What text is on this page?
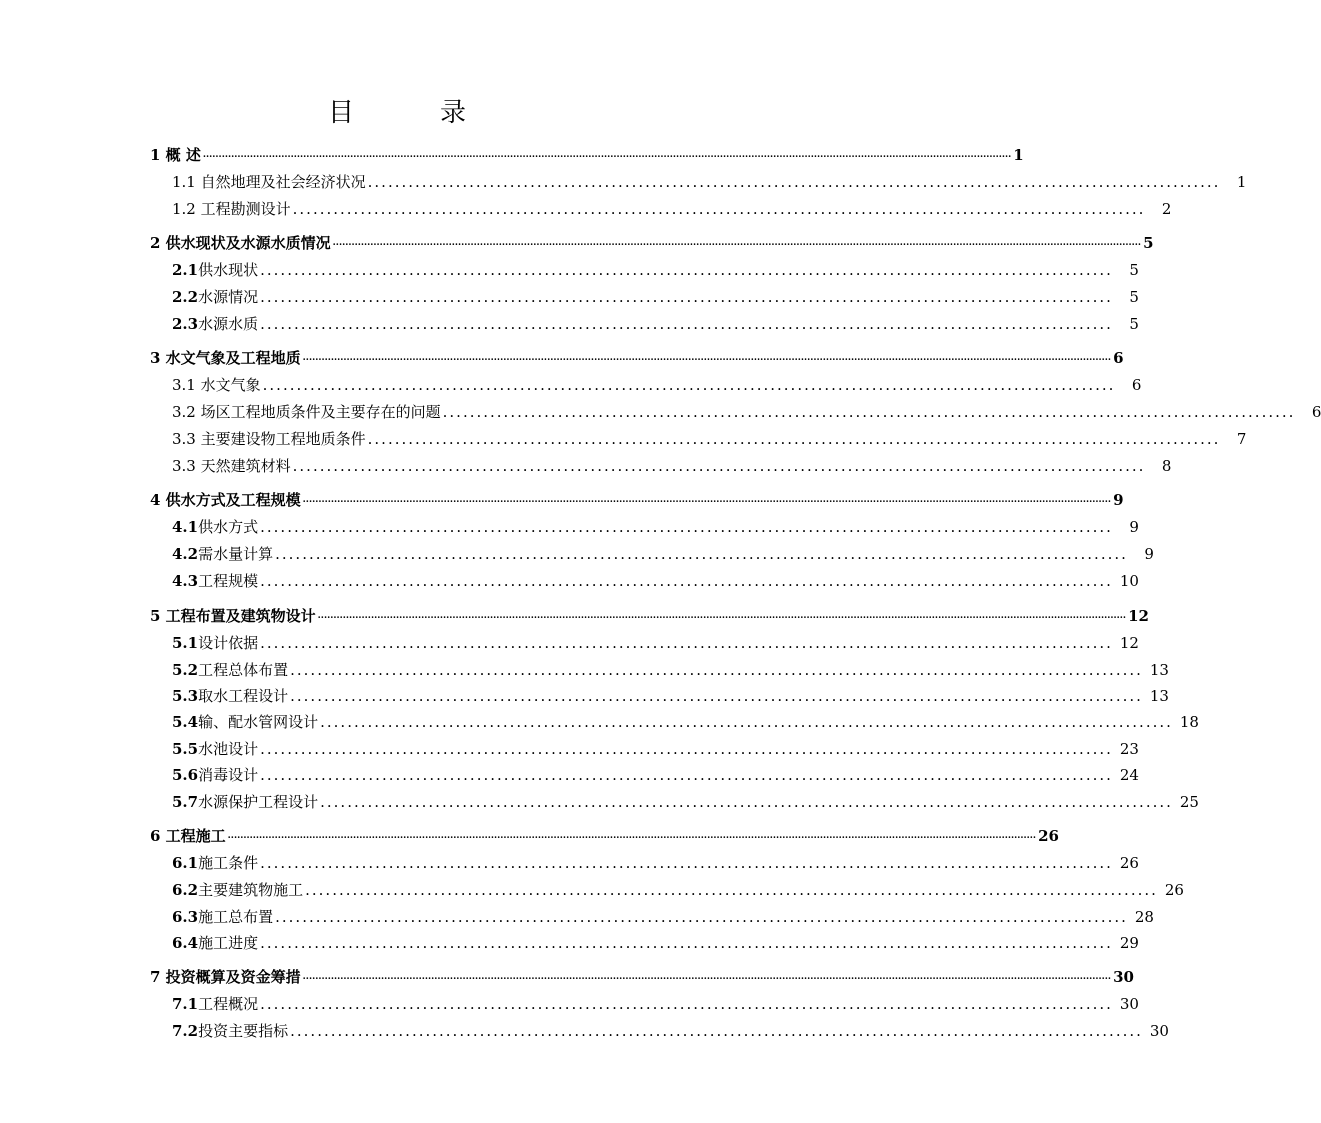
目　录
1 概 述 .................................................................................................................................................................................................................................................................. 1
1.1 自然地理及社会经济状况 ..............................................................................................................................	1
1.2 工程勘测设计 ..............................................................................................................................	2
2 供水现状及水源水质情况 .................................................................................................................................................................................................................................................................. 5
2.1供水现状 ..............................................................................................................................	5
2.2水源情况 ..............................................................................................................................	5
2.3水源水质 ..............................................................................................................................	5
3 水文气象及工程地质 .................................................................................................................................................................................................................................................................. 6
3.1 水文气象 ..............................................................................................................................	6
3.2 场区工程地质条件及主要存在的问题 ..............................................................................................................................	6
3.3 主要建设物工程地质条件 ..............................................................................................................................	7
3.3 天然建筑材料 ..............................................................................................................................	8
4 供水方式及工程规模 .................................................................................................................................................................................................................................................................. 9
4.1供水方式 ..............................................................................................................................	9
4.2需水量计算 ..............................................................................................................................	9
4.3工程规模 .............................................................................................................................. 10
5 工程布置及建筑物设计 .................................................................................................................................................................................................................................................................. 12
5.1设计依据 .............................................................................................................................. 12
5.2工程总体布置 .............................................................................................................................. 13
5.3取水工程设计 .............................................................................................................................. 13
5.4输、配水管网设计 .............................................................................................................................. 18
5.5水池设计 .............................................................................................................................. 23
5.6消毒设计 .............................................................................................................................. 24
5.7水源保护工程设计 .............................................................................................................................. 25
6 工程施工 .................................................................................................................................................................................................................................................................. 26
6.1施工条件 .............................................................................................................................. 26
6.2主要建筑物施工 .............................................................................................................................. 26
6.3施工总布置 .............................................................................................................................. 28
6.4施工进度 .............................................................................................................................. 29
7 投资概算及资金筹措 .................................................................................................................................................................................................................................................................. 30
7.1工程概况 .............................................................................................................................. 30
7.2投资主要指标 .............................................................................................................................. 30
